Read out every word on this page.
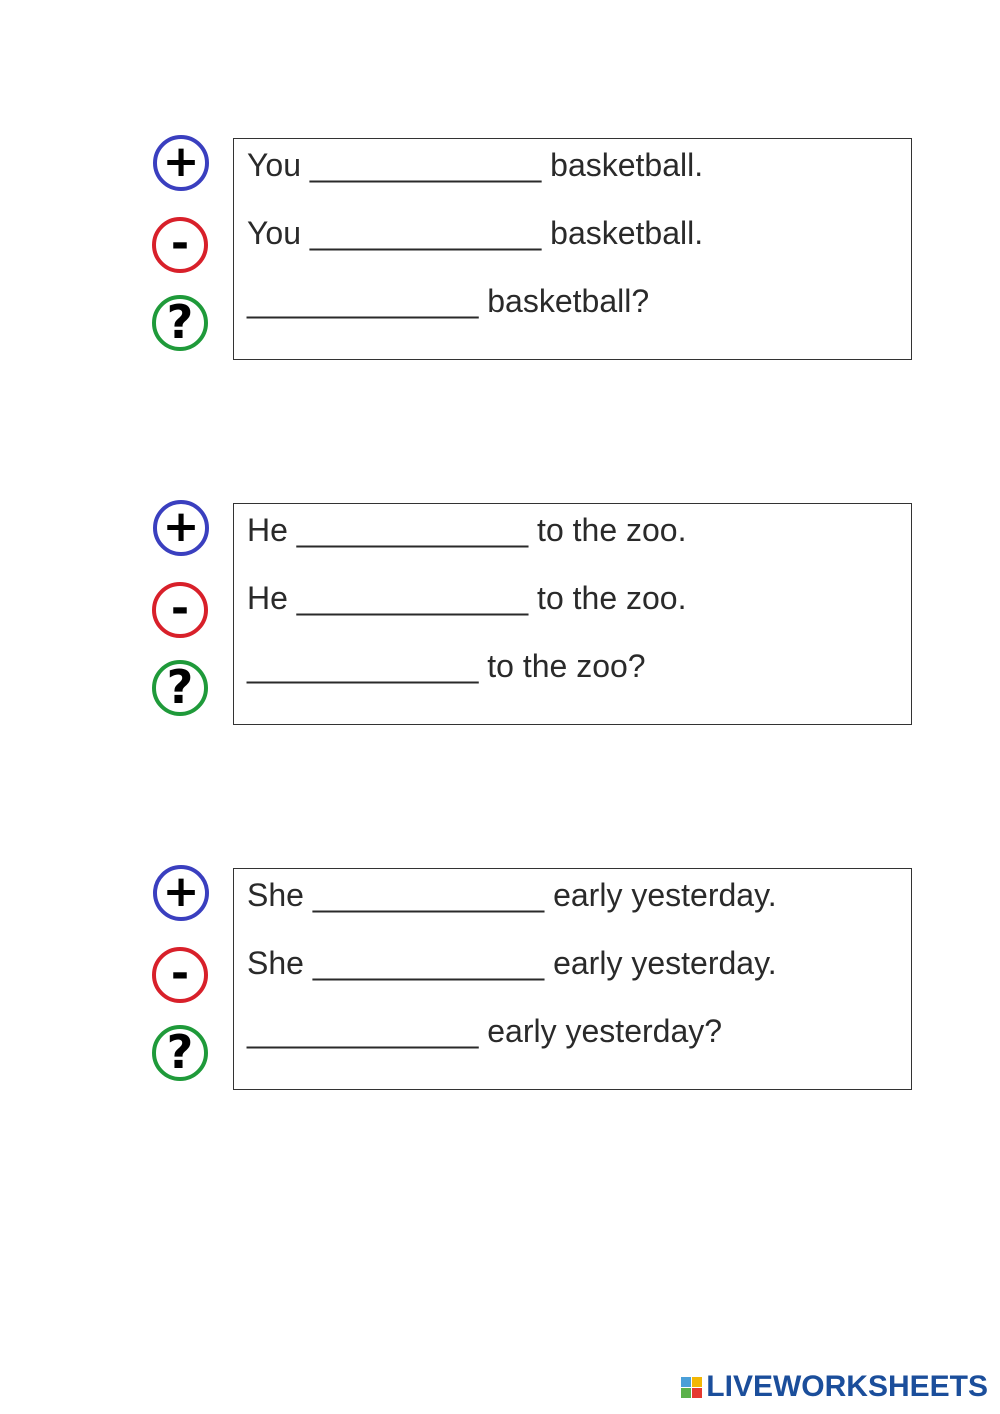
+
-
?
You _____________ basketball.
You _____________ basketball.
_____________ basketball?
+
-
?
He _____________ to the zoo.
He _____________ to the zoo.
_____________ to the zoo?
+
-
?
She _____________ early yesterday.
She _____________ early yesterday.
_____________ early yesterday?
LIVEWORKSHEETS
